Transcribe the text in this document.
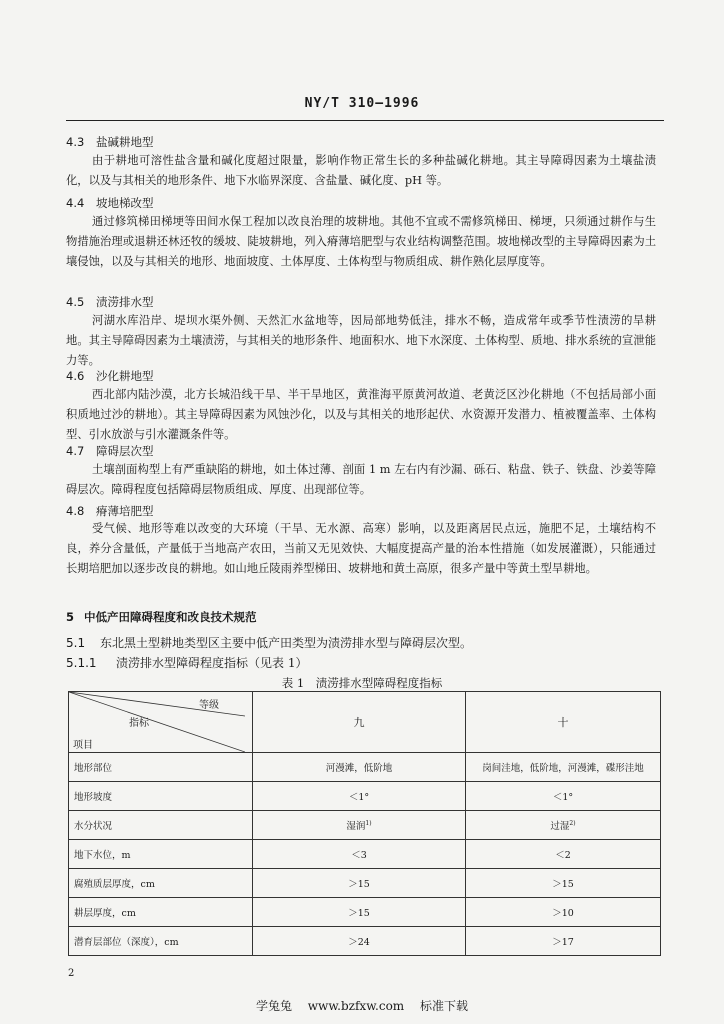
NY/T 310—1996
4.3 盐碱耕地型
由于耕地可溶性盐含量和碱化度超过限量，影响作物正常生长的多种盐碱化耕地。其主导障碍因素为土壤盐渍化，以及与其相关的地形条件、地下水临界深度、含盐量、碱化度、pH 等。
4.4 坡地梯改型
通过修筑梯田梯埂等田间水保工程加以改良治理的坡耕地。其他不宜或不需修筑梯田、梯埂，只须通过耕作与生物措施治理或退耕还林还牧的缓坡、陡坡耕地，列入瘠薄培肥型与农业结构调整范围。坡地梯改型的主导障碍因素为土壤侵蚀，以及与其相关的地形、地面坡度、土体厚度、土体构型与物质组成、耕作熟化层厚度等。
4.5 渍涝排水型
河湖水库沿岸、堤坝水渠外侧、天然汇水盆地等，因局部地势低洼，排水不畅，造成常年或季节性渍涝的旱耕地。其主导障碍因素为土壤渍涝，与其相关的地形条件、地面积水、地下水深度、土体构型、质地、排水系统的宣泄能力等。
4.6 沙化耕地型
西北部内陆沙漠，北方长城沿线干旱、半干旱地区，黄淮海平原黄河故道、老黄泛区沙化耕地（不包括局部小面积质地过沙的耕地）。其主导障碍因素为风蚀沙化，以及与其相关的地形起伏、水资源开发潜力、植被覆盖率、土体构型、引水放淤与引水灌溉条件等。
4.7 障碍层次型
土壤剖面构型上有严重缺陷的耕地，如土体过薄、剖面 1 m 左右内有沙漏、砾石、粘盘、铁子、铁盘、沙姜等障碍层次。障碍程度包括障碍层物质组成、厚度、出现部位等。
4.8 瘠薄培肥型
受气候、地形等难以改变的大环境（干旱、无水源、高寒）影响，以及距离居民点远，施肥不足，土壤结构不良，养分含量低，产量低于当地高产农田，当前又无见效快、大幅度提高产量的治本性措施（如发展灌溉），只能通过长期培肥加以逐步改良的耕地。如山地丘陵雨养型梯田、坡耕地和黄土高原，很多产量中等黄土型旱耕地。
5 中低产田障碍程度和改良技术规范
5.1 东北黑土型耕地类型区主要中低产田类型为渍涝排水型与障碍层次型。
5.1.1 渍涝排水型障碍程度指标（见表 1）
表 1　渍涝排水型障碍程度指标
等级
指标
项目	九	十
地形部位	河漫滩，低阶地	岗间洼地，低阶地，河漫滩，碟形洼地
地形坡度	＜1°	＜1°
水分状况	湿润$^{1)}$	过湿$^{2)}$
地下水位，m	＜3	＜2
腐殖质层厚度，cm	＞15	＞15
耕层厚度，cm	＞15	＞10
潜育层部位（深度），cm	＞24	＞17
2
学兔兔 www.bzfxw.com 标准下载
